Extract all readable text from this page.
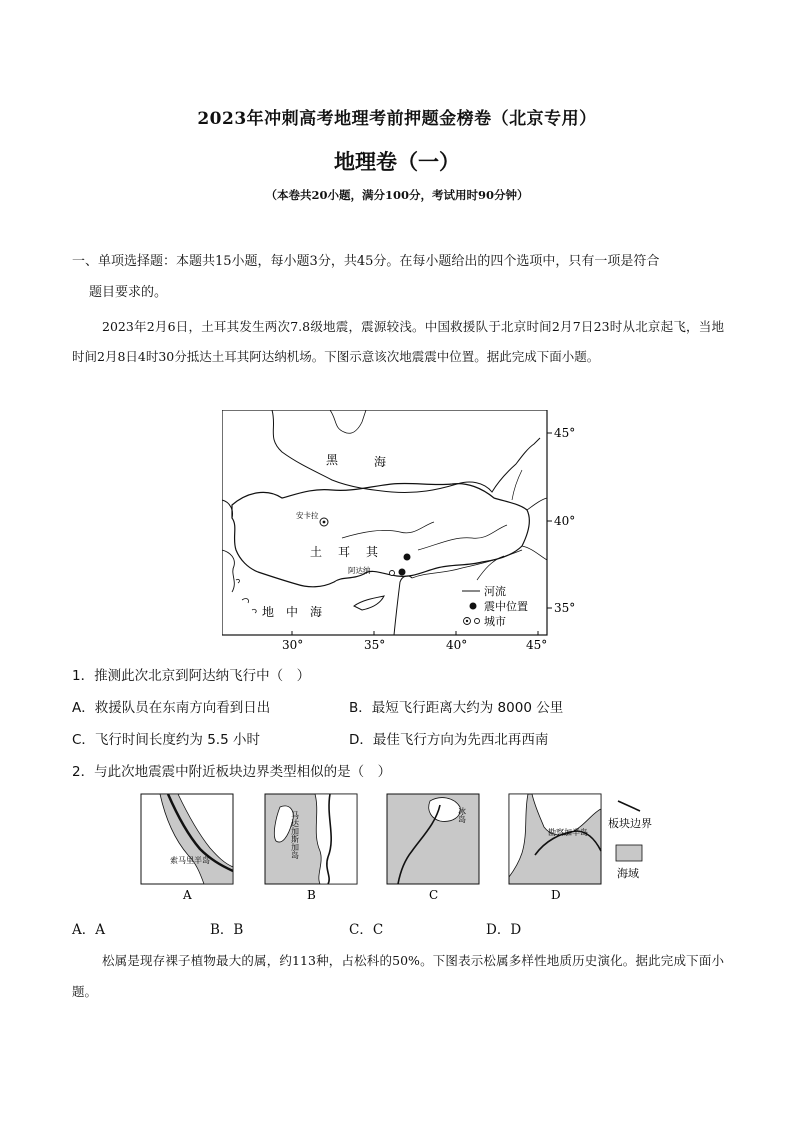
2023年冲刺高考地理考前押题金榜卷（北京专用）
地理卷（一）
（本卷共20小题，满分100分，考试用时90分钟）
一、单项选择题：本题共15小题，每小题3分，共45分。在每小题给出的四个选项中，只有一项是符合
题目要求的。
2023年2月6日，土耳其发生两次7.8级地震，震源较浅。中国救援队于北京时间2月7日23时从北京起飞，当地时间2月8日4时30分抵达土耳其阿达纳机场。下图示意该次地震震中位置。据此完成下面小题。
安卡拉
阿达纳
黑	海
土 耳 其
地 中 海
河流
震中位置
城市
45°
40°
35°
30°	35°	40°	45°
1．推测此次北京到阿达纳飞行中（　）
A．救援队员在东南方向看到日出	B．最短飞行距离大约为 8000 公里
C．飞行时间长度约为 5.5 小时	D．最佳飞行方向为先西北再西南
2．与此次地震震中附近板块边界类型相似的是（　）
索马里半岛
A
马达加斯加岛
B
冰岛
C
勘察加半岛
D
板块边界
海域
A．A	B．B	C．C	D．D
松属是现存裸子植物最大的属，约113种，占松科的50%。下图表示松属多样性地质历史演化。据此完成下面小题。
